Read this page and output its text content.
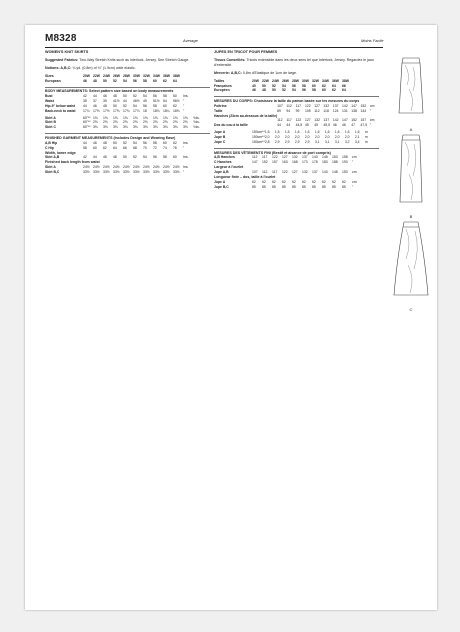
M8328	Average	Moins Facile
WOMEN'S KNIT SKIRTS
Suggested Fabrics: Two-Way Stretch Knits such as Interlock, Jersey. See Stretch Gauge.
Notions: A,B,C: ¾ yd. (0.8m) of ¾" (1.9cm) wide elastic.
Sizes	20W	22W	24W	26W	28W	30W	32W	34W	36W	38W
European	46	48	50	52	54	56	58	60	62	64
BODY MEASUREMENTS: Select pattern size based on body measurements
Bust	42	44	46	48	50	52	54	56	58	60	Ins.
Waist	35	37	39	41½	44	46½	49	51½	54	56½	"
Hip-9" below waist	44	46	48	50	52	54	56	58	60	62	"
Back-neck to waist	17¼	17⅜	17½	17⅝	17¾	17⅞	18	18⅛	18¼	18⅜	"
Skirt A	60"**	1⅝	1⅝	1⅝	1⅝	1⅝	1⅝	1⅝	1⅝	1⅝	1⅝	Yds.
Skirt B	60"**	2⅝	2⅝	2⅝	2⅝	2⅝	2⅝	2⅝	2⅝	2⅝	2⅝	Yds.
Skirt C	60"**	3⅜	3⅜	3⅜	3⅜	3⅜	3⅜	3⅜	3⅜	3⅜	3⅜	Yds.
FINISHED GARMENT MEASUREMENTS (Includes Design and Wearing Ease)
A,B Hip	44	46	48	50	52	54	56	58	60	62	Ins.
C Hip	58	60	62	64	66	68	70	72	74	76	"
Width, lower edge
Skirt A,B	42	44	46	48	50	52	54	56	58	60	Ins.
Finished back length from waist
Skirt A	24½	24½	24½	24½	24½	24½	24½	24½	24½	24½	Ins.
Skirt B,C	33½	33½	33½	33½	33½	33½	33½	33½	33½	33½	"
JUPES EN TRICOT POUR FEMMES
Tissus Conseillés: Tricots extensible dans les deux sens tel que Interlock, Jersey. Regardez le jaun d'extensité.
Mercerie: A,B,C: 0,8m d'Elastique de 1cm de large.
Tailles	20W	22W	24W	26W	28W	30W	32W	34W	36W	38W
Françaises	40	50	52	54	56	58	60	62	64	66
Européen	46	48	50	52	54	56	58	60	62	64
MESURES DU CORPS: Choisissez la taille du patron basée sur les mesures du corps
Poitrine	107	112	117	122	127	132	137	142	147	152	cm
Taille	89	94	99	105	112	118	124	131	138	144	"
Hanches (23cm au-dessous de la taille)											
	112	117	122	127	132	137	142	147	152	157	cm
Dos du cou à la taille	44	44	44,5	45	45	45,5	46	46	47	47,5	"
Jupe A	150cm**	1,5	1,5	1,5	1,6	1,6	1,6	1,6	1,6	1,6	1,6	m
Jupe B	150cm**	2,0	2,0	2,0	2,0	2,0	2,0	2,0	2,0	2,0	2,1	m
Jupe C	150cm**	2,8	2,9	2,9	2,9	2,9	3,1	3,1	3,1	3,2	3,4	m
MESURES DES VÊTEMENTS FINI (Bestif et aisance de port compris)
A,B Hanches	112	117	122	127	132	137	143	148	153	158	cm
C Hanches	147	152	157	163	168	173	178	183	188	193	"
Largeur à l'ourlet
Jupe A,B	107	112	117	122	127	132	137	143	148	153	cm
Longueur finie – dos, taille à l'ourlet
Jupe A	62	62	62	62	62	62	62	62	62	62	cm
Jupe B,C	85	85	85	85	85	85	85	85	85	85	"
A
B
C
